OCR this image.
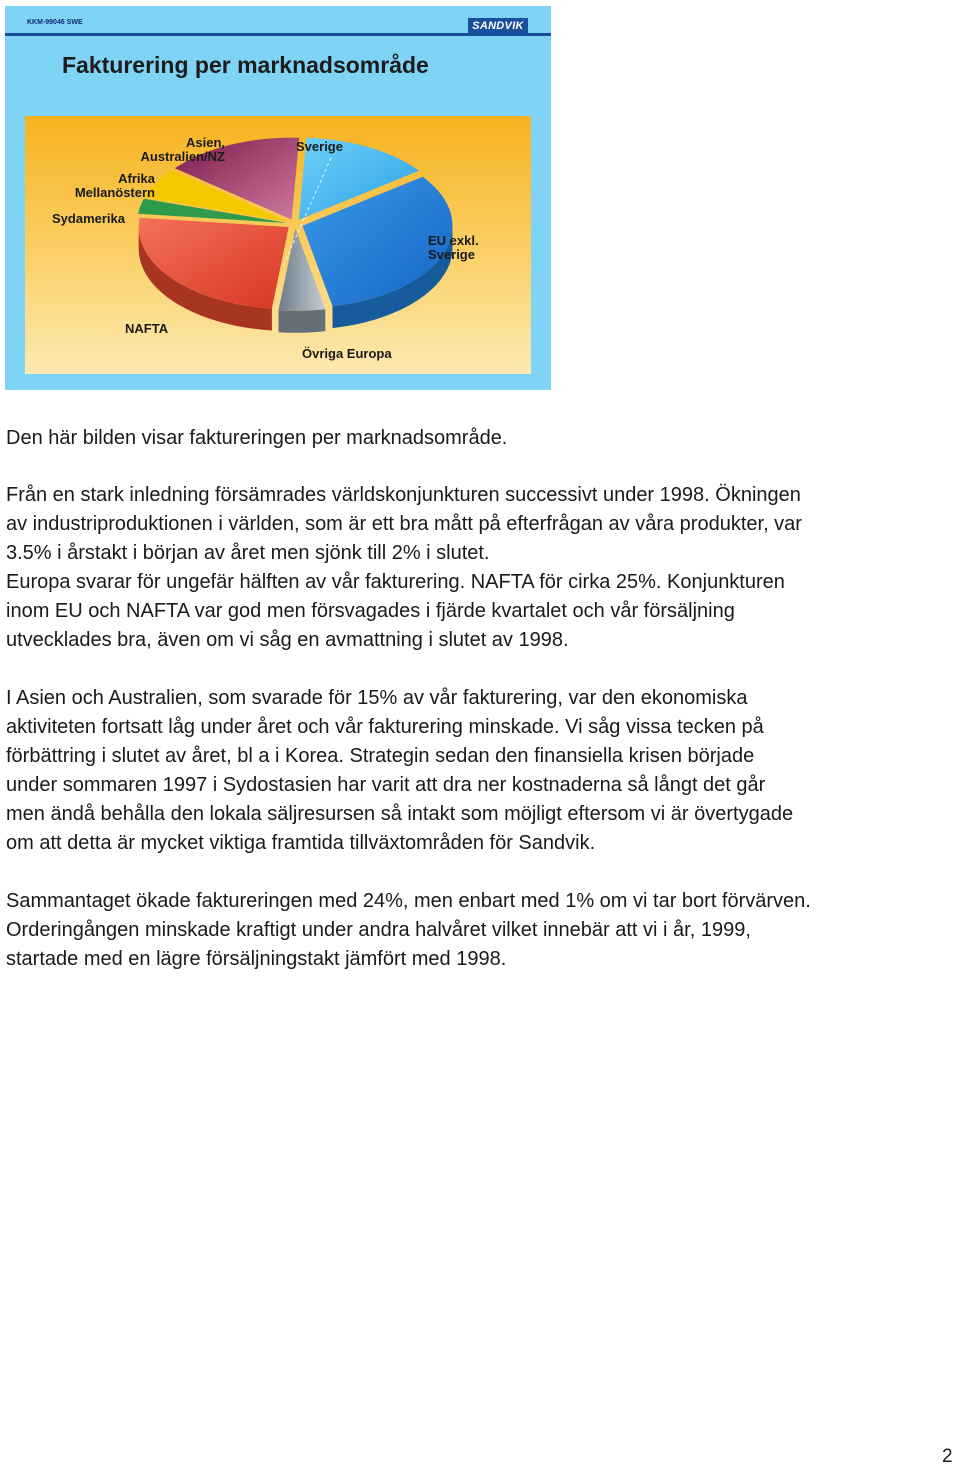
KKM-99046 SWE	SANDVIK
Fakturering per marknadsområde
Asien,
Australien/NZ
Afrika
Mellanöstern
Sydamerika
Sverige
EU exkl.
Sverige
NAFTA
Övriga Europa

Den här bilden visar faktureringen per marknadsområde.

Från en stark inledning försämrades världskonjunkturen successivt under 1998. Ökningen

av industriproduktionen i världen, som är ett bra mått på efterfrågan av våra produkter, var

3.5% i årstakt i början av året men sjönk till 2% i slutet.

Europa svarar för ungefär hälften av vår fakturering. NAFTA för cirka 25%. Konjunkturen

inom EU och NAFTA var god men försvagades i fjärde kvartalet och vår försäljning

utvecklades bra, även om vi såg en avmattning i slutet av 1998.

I Asien och Australien, som svarade för 15% av vår fakturering, var den ekonomiska

aktiviteten fortsatt låg under året och vår fakturering minskade. Vi såg vissa tecken på

förbättring i slutet av året, bl a i Korea. Strategin sedan den finansiella krisen började

under sommaren 1997 i Sydostasien har varit att dra ner kostnaderna så långt det går

men ändå behålla den lokala säljresursen så intakt som möjligt eftersom vi är övertygade

om att detta är mycket viktiga framtida tillväxtområden för Sandvik.

Sammantaget ökade faktureringen med 24%, men enbart med 1% om vi tar bort förvärven.

Orderingången minskade kraftigt under andra halvåret vilket innebär att vi i år, 1999,

startade med en lägre försäljningstakt jämfört med 1998.

2
